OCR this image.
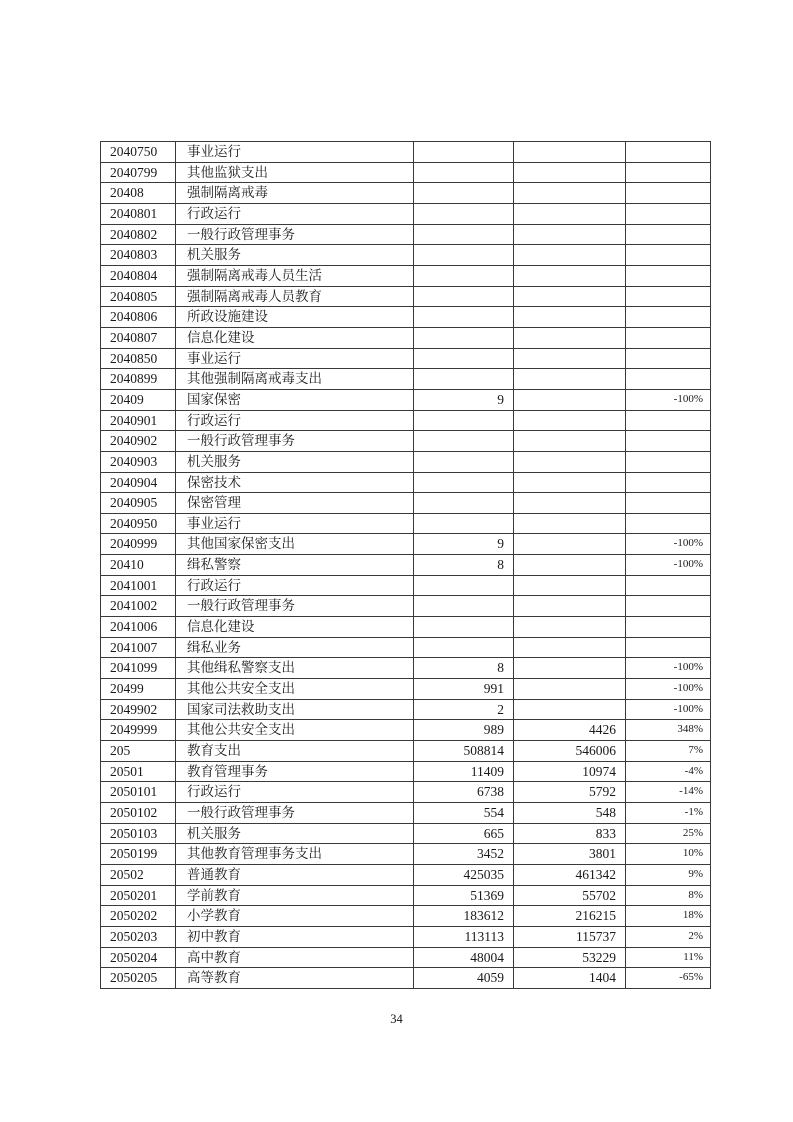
2040750	事业运行			
2040799	其他监狱支出			
20408	强制隔离戒毒			
2040801	行政运行			
2040802	一般行政管理事务			
2040803	机关服务			
2040804	强制隔离戒毒人员生活			
2040805	强制隔离戒毒人员教育			
2040806	所政设施建设			
2040807	信息化建设			
2040850	事业运行			
2040899	其他强制隔离戒毒支出			
20409	国家保密	9		-100%
2040901	行政运行			
2040902	一般行政管理事务			
2040903	机关服务			
2040904	保密技术			
2040905	保密管理			
2040950	事业运行			
2040999	其他国家保密支出	9		-100%
20410	缉私警察	8		-100%
2041001	行政运行			
2041002	一般行政管理事务			
2041006	信息化建设			
2041007	缉私业务			
2041099	其他缉私警察支出	8		-100%
20499	其他公共安全支出	991		-100%
2049902	国家司法救助支出	2		-100%
2049999	其他公共安全支出	989	4426	348%
205	教育支出	508814	546006	7%
20501	教育管理事务	11409	10974	-4%
2050101	行政运行	6738	5792	-14%
2050102	一般行政管理事务	554	548	-1%
2050103	机关服务	665	833	25%
2050199	其他教育管理事务支出	3452	3801	10%
20502	普通教育	425035	461342	9%
2050201	学前教育	51369	55702	8%
2050202	小学教育	183612	216215	18%
2050203	初中教育	113113	115737	2%
2050204	高中教育	48004	53229	11%
2050205	高等教育	4059	1404	-65%
34
